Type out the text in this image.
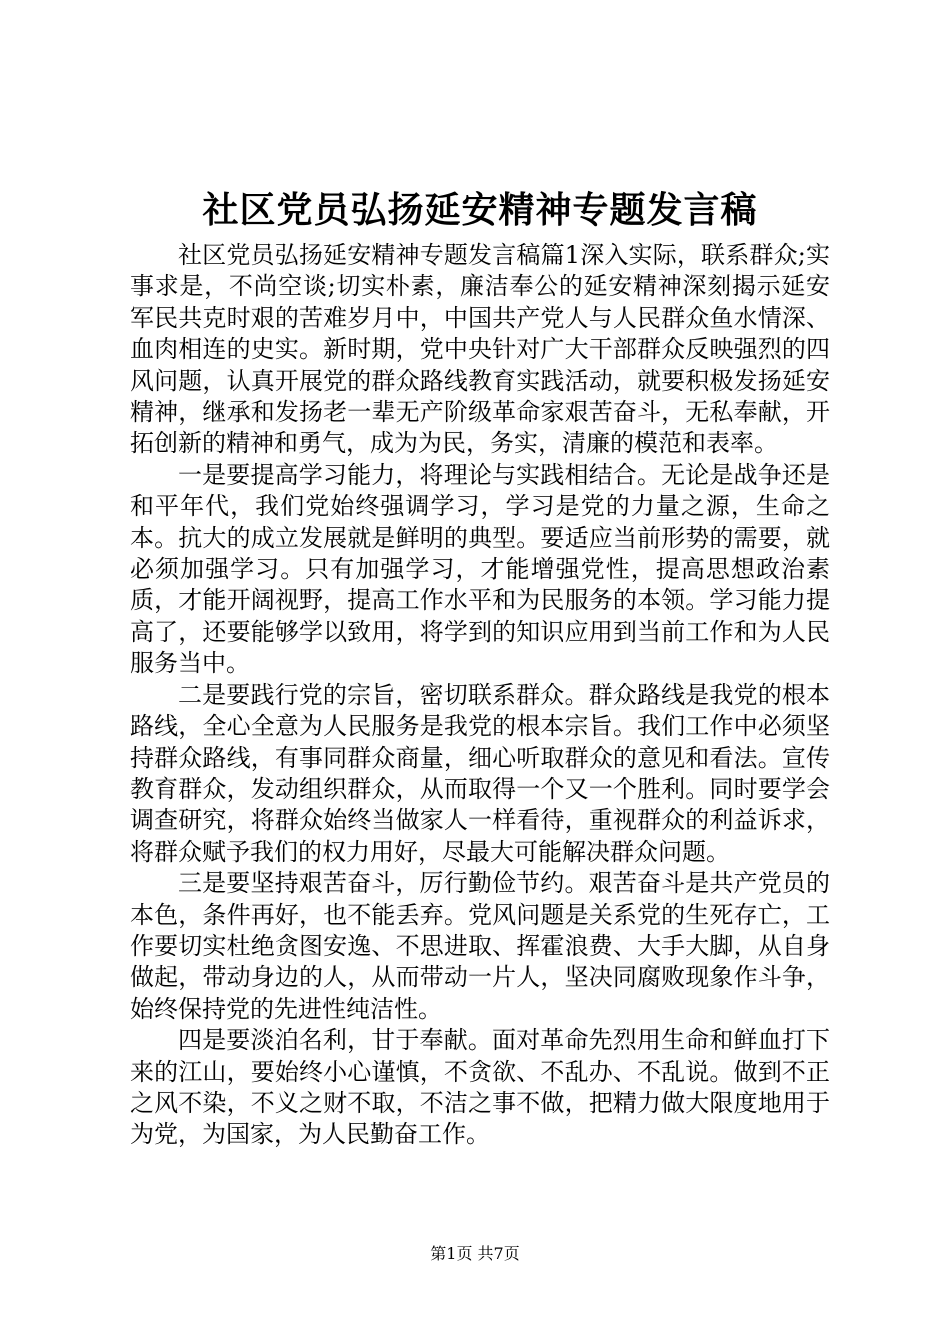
社区党员弘扬延安精神专题发言稿

社区党员弘扬延安精神专题发言稿篇1深入实际，联系群众;实事求是，不尚空谈;切实朴素，廉洁奉公的延安精神深刻揭示延安军民共克时艰的苦难岁月中，中国共产党人与人民群众鱼水情深、血肉相连的史实。新时期，党中央针对广大干部群众反映强烈的四风问题，认真开展党的群众路线教育实践活动，就要积极发扬延安精神，继承和发扬老一辈无产阶级革命家艰苦奋斗，无私奉献，开拓创新的精神和勇气，成为为民，务实，清廉的模范和表率。

一是要提高学习能力，将理论与实践相结合。无论是战争还是和平年代，我们党始终强调学习，学习是党的力量之源，生命之本。抗大的成立发展就是鲜明的典型。要适应当前形势的需要，就必须加强学习。只有加强学习，才能增强党性，提高思想政治素质，才能开阔视野，提高工作水平和为民服务的本领。学习能力提高了，还要能够学以致用，将学到的知识应用到当前工作和为人民服务当中。

二是要践行党的宗旨，密切联系群众。群众路线是我党的根本路线，全心全意为人民服务是我党的根本宗旨。我们工作中必须坚持群众路线，有事同群众商量，细心听取群众的意见和看法。宣传教育群众，发动组织群众，从而取得一个又一个胜利。同时要学会调查研究，将群众始终当做家人一样看待，重视群众的利益诉求，将群众赋予我们的权力用好，尽最大可能解决群众问题。

三是要坚持艰苦奋斗，厉行勤俭节约。艰苦奋斗是共产党员的本色，条件再好，也不能丢弃。党风问题是关系党的生死存亡，工作要切实杜绝贪图安逸、不思进取、挥霍浪费、大手大脚，从自身做起，带动身边的人，从而带动一片人，坚决同腐败现象作斗争，始终保持党的先进性纯洁性。

四是要淡泊名利，甘于奉献。面对革命先烈用生命和鲜血打下来的江山，要始终小心谨慎，不贪欲、不乱办、不乱说。做到不正之风不染，不义之财不取，不洁之事不做，把精力做大限度地用于为党，为国家，为人民勤奋工作。

第1页 共7页
